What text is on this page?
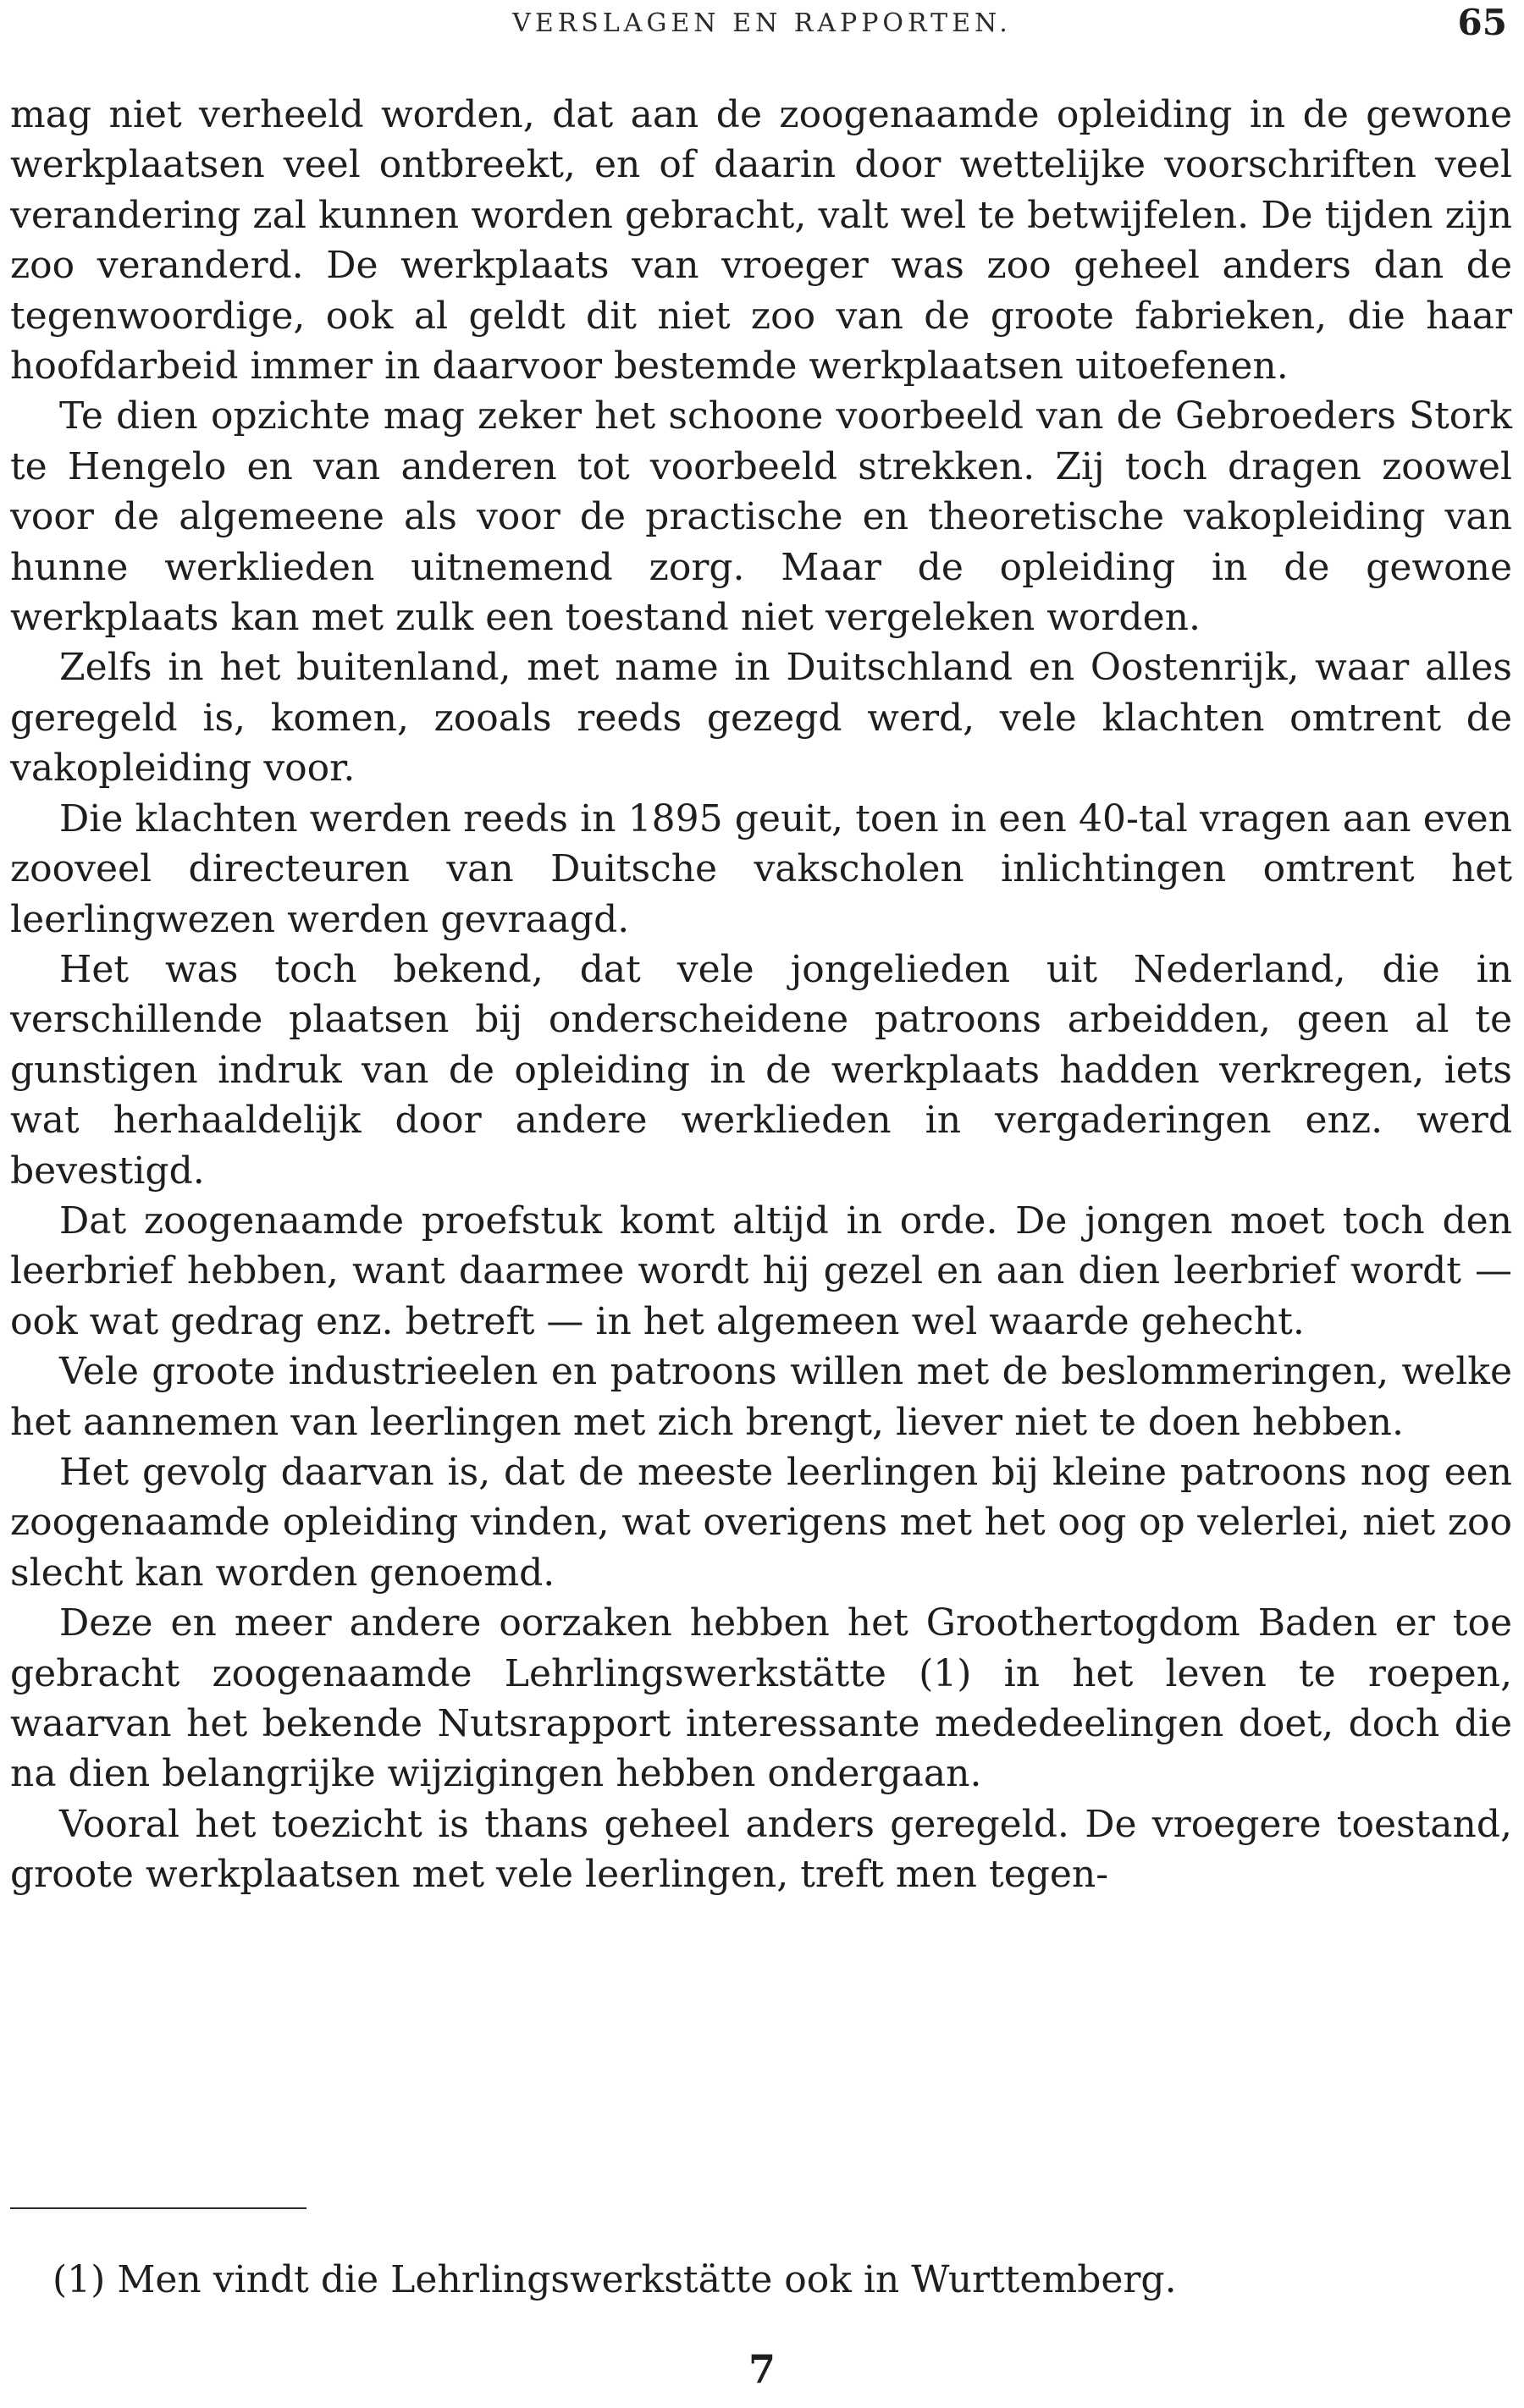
VERSLAGEN EN RAPPORTEN.	65

mag niet verheeld worden, dat aan de zoogenaamde opleiding in de gewone werkplaatsen veel ontbreekt, en of daarin door wettelijke voorschriften veel verandering zal kunnen worden gebracht, valt wel te betwijfelen. De tijden zijn zoo veranderd. De werkplaats van vroeger was zoo geheel anders dan de tegenwoordige, ook al geldt dit niet zoo van de groote fabrieken, die haar hoofdarbeid immer in daarvoor bestemde werkplaatsen uitoefenen.

Te dien opzichte mag zeker het schoone voorbeeld van de Gebroeders Stork te Hengelo en van anderen tot voorbeeld strekken. Zij toch dragen zoowel voor de algemeene als voor de practische en theoretische vakopleiding van hunne werklieden uitnemend zorg. Maar de opleiding in de gewone werkplaats kan met zulk een toestand niet vergeleken worden.

Zelfs in het buitenland, met name in Duitschland en Oostenrijk, waar alles geregeld is, komen, zooals reeds gezegd werd, vele klachten omtrent de vakopleiding voor.

Die klachten werden reeds in 1895 geuit, toen in een 40-tal vragen aan even zooveel directeuren van Duitsche vakscholen inlichtingen omtrent het leerlingwezen werden gevraagd.

Het was toch bekend, dat vele jongelieden uit Nederland, die in verschillende plaatsen bij onderscheidene patroons arbeidden, geen al te gunstigen indruk van de opleiding in de werkplaats hadden verkregen, iets wat herhaaldelijk door andere werklieden in vergaderingen enz. werd bevestigd.

Dat zoogenaamde proefstuk komt altijd in orde. De jongen moet toch den leerbrief hebben, want daarmee wordt hij gezel en aan dien leerbrief wordt — ook wat gedrag enz. betreft — in het algemeen wel waarde gehecht.

Vele groote industrieelen en patroons willen met de beslommeringen, welke het aannemen van leerlingen met zich brengt, liever niet te doen hebben.

Het gevolg daarvan is, dat de meeste leerlingen bij kleine patroons nog een zoogenaamde opleiding vinden, wat overigens met het oog op velerlei, niet zoo slecht kan worden genoemd.

Deze en meer andere oorzaken hebben het Groothertogdom Baden er toe gebracht zoogenaamde Lehrlingswerkstätte (1) in het leven te roepen, waarvan het bekende Nutsrapport interessante mededeelingen doet, doch die na dien belangrijke wijzigingen hebben ondergaan.

Vooral het toezicht is thans geheel anders geregeld. De vroegere toestand, groote werkplaatsen met vele leerlingen, treft men tegen-

(1) Men vindt die Lehrlingswerkstätte ook in Wurttemberg.
7
